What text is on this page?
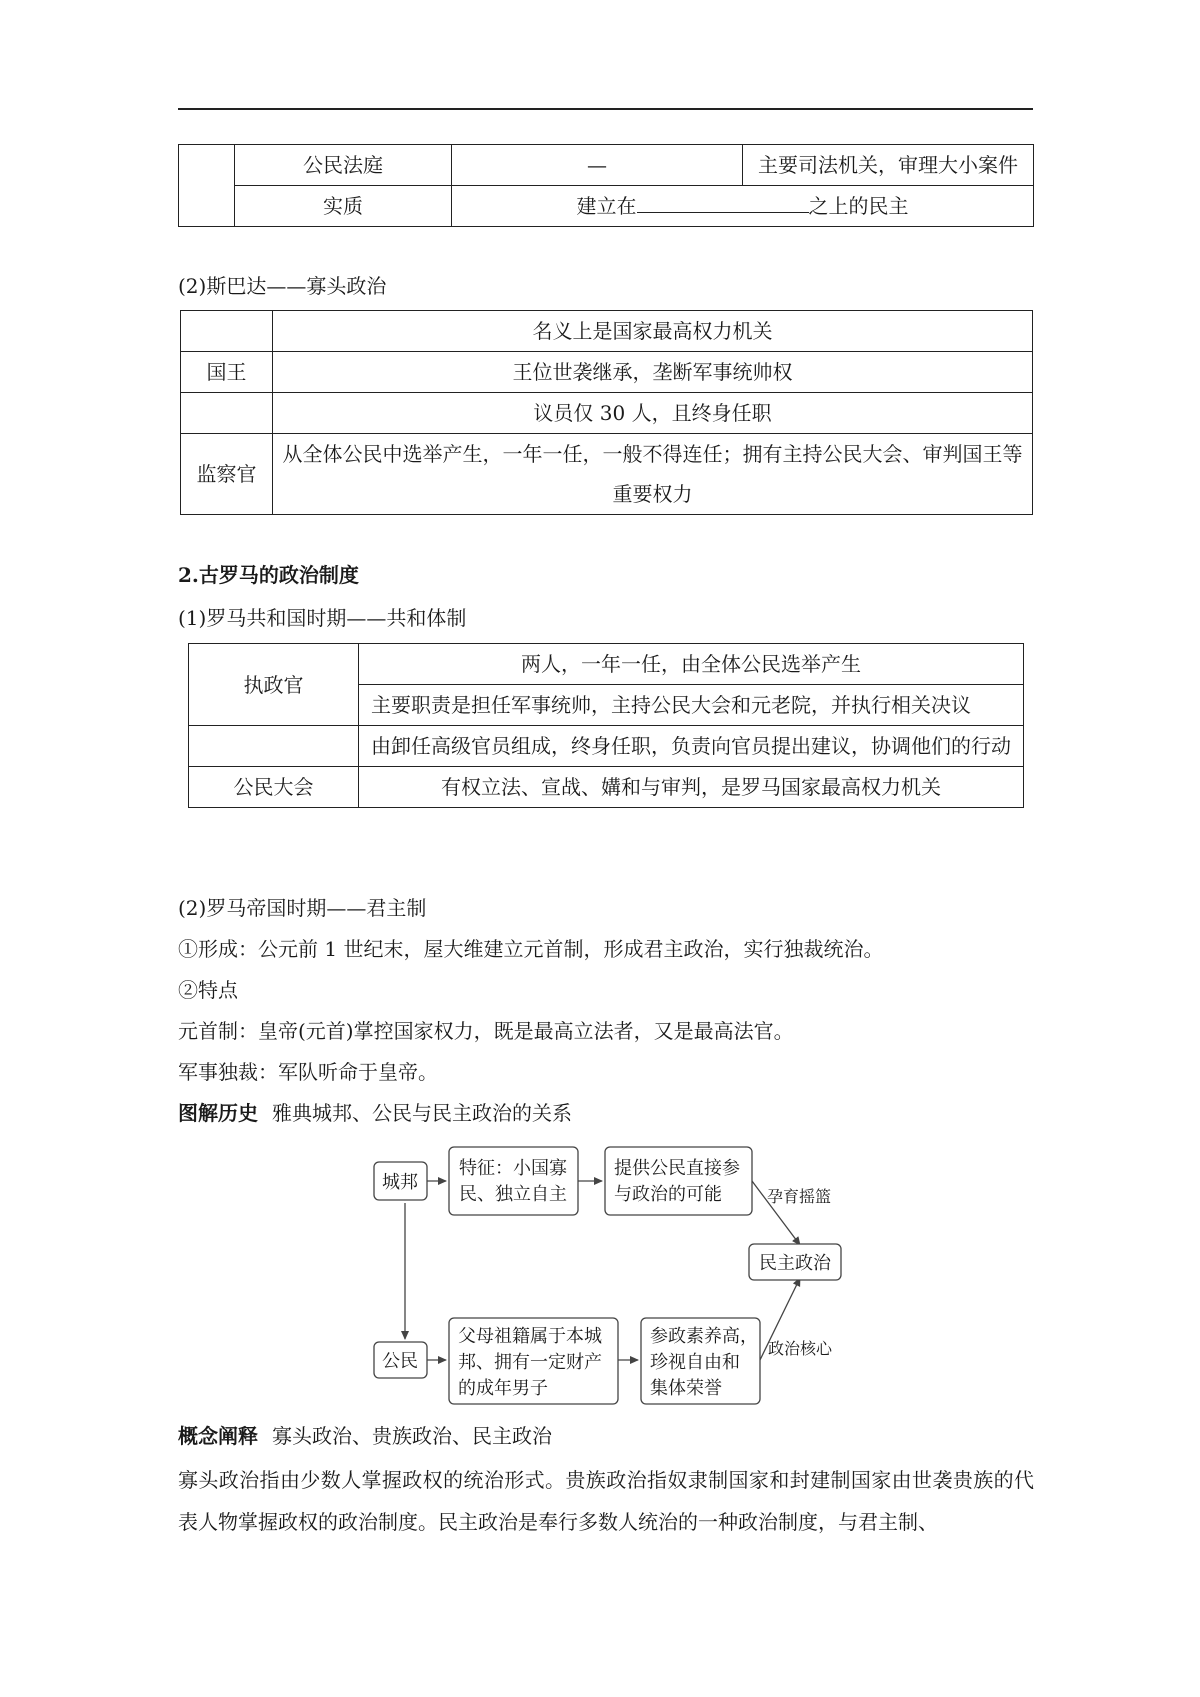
	公民法庭	—	主要司法机关，审理大小案件
	实质	建立在 之上的民主	
(2)斯巴达——寡头政治
	名义上是国家最高权力机关
国王	王位世袭继承，垄断军事统帅权
	议员仅 30 人，且终身任职
监察官	从全体公民中选举产生，一年一任，一般不得连任；拥有主持公民大会、审判国王等重要权力
2.古罗马的政治制度
(1)罗马共和国时期——共和体制
执政官	两人，一年一任，由全体公民选举产生
	主要职责是担任军事统帅，主持公民大会和元老院，并执行相关决议
	由卸任高级官员组成，终身任职，负责向官员提出建议，协调他们的行动
公民大会	有权立法、宣战、媾和与审判，是罗马国家最高权力机关
(2)罗马帝国时期——君主制
①形成：公元前 1 世纪末，屋大维建立元首制，形成君主政治，实行独裁统治。
②特点
元首制：皇帝(元首)掌控国家权力，既是最高立法者，又是最高法官。
军事独裁：军队听命于皇帝。
图解历史 雅典城邦、公民与民主政治的关系
城邦
特征：小国寡
民、独立自主
提供公民直接参
与政治的可能
民主政治
公民
父母祖籍属于本城
邦、拥有一定财产
的成年男子
参政素养高，
珍视自由和
集体荣誉
孕育摇篮
政治核心
概念阐释 寡头政治、贵族政治、民主政治
寡头政治指由少数人掌握政权的统治形式。贵族政治指奴隶制国家和封建制国家由世袭贵族的代表人物掌握政权的政治制度。民主政治是奉行多数人统治的一种政治制度，与君主制、
